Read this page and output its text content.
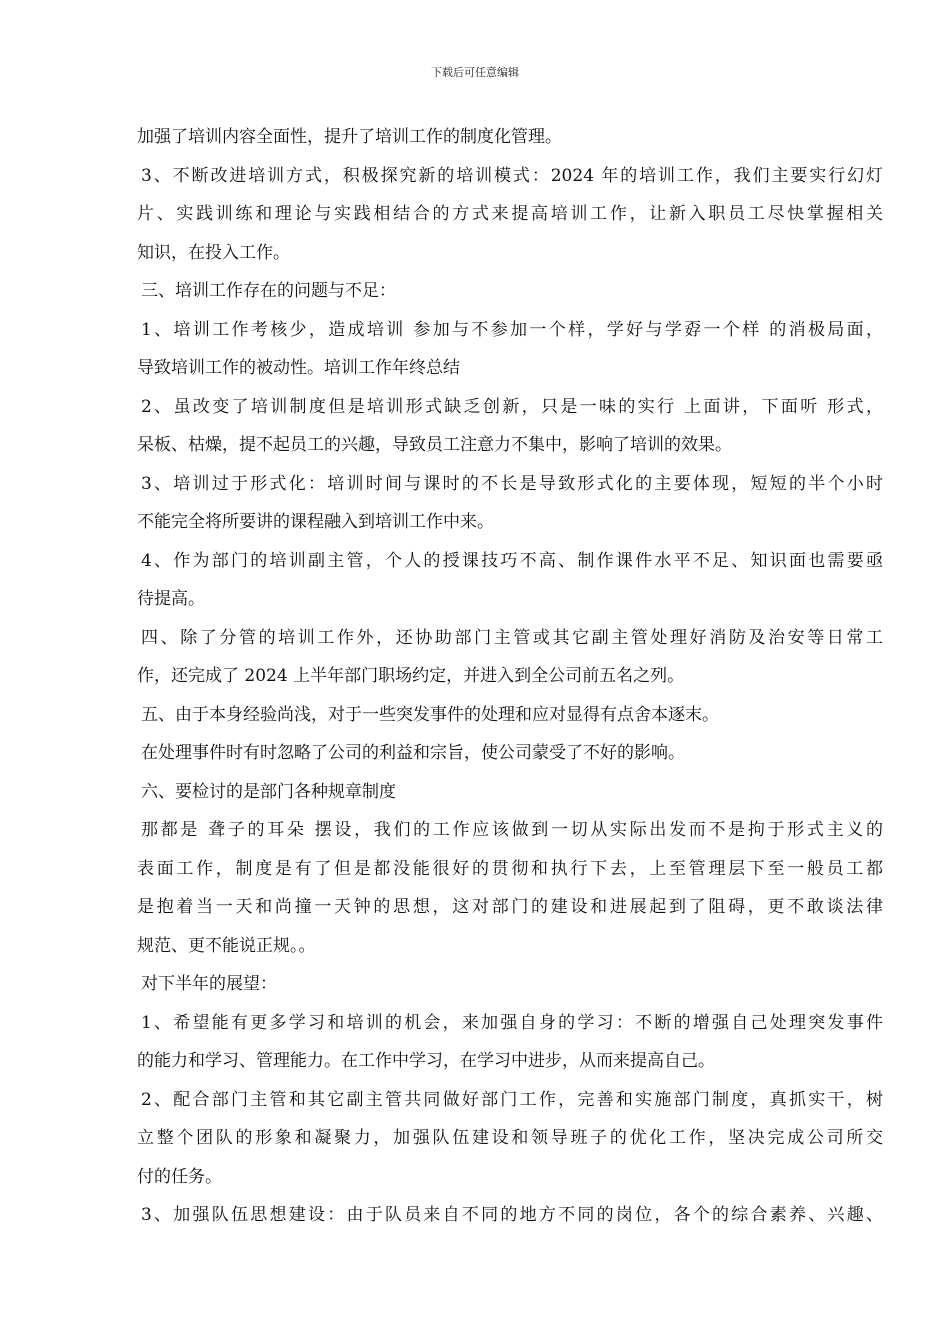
下载后可任意编辑
加强了培训内容全面性，提升了培训工作的制度化管理。
3、不断改进培训方式，积极探究新的培训模式：2024 年的培训工作，我们主要实行幻灯
片、实践训练和理论与实践相结合的方式来提高培训工作，让新入职员工尽快掌握相关
知识，在投入工作。
三、培训工作存在的问题与不足：
1、培训工作考核少，造成培训 参加与不参加一个样，学好与学孬一个样 的消极局面，
导致培训工作的被动性。培训工作年终总结
2、虽改变了培训制度但是培训形式缺乏创新，只是一味的实行 上面讲，下面听 形式，
呆板、枯燥，提不起员工的兴趣，导致员工注意力不集中，影响了培训的效果。
3、培训过于形式化：培训时间与课时的不长是导致形式化的主要体现，短短的半个小时
不能完全将所要讲的课程融入到培训工作中来。
4、作为部门的培训副主管，个人的授课技巧不高、制作课件水平不足、知识面也需要亟
待提高。
四、除了分管的培训工作外，还协助部门主管或其它副主管处理好消防及治安等日常工
作，还完成了 2024 上半年部门职场约定，并进入到全公司前五名之列。
五、由于本身经验尚浅，对于一些突发事件的处理和应对显得有点舍本逐末。
在处理事件时有时忽略了公司的利益和宗旨，使公司蒙受了不好的影响。
六、要检讨的是部门各种规章制度
那都是 聋子的耳朵 摆设，我们的工作应该做到一切从实际出发而不是拘于形式主义的
表面工作，制度是有了但是都没能很好的贯彻和执行下去，上至管理层下至一般员工都
是抱着当一天和尚撞一天钟的思想，这对部门的建设和进展起到了阻碍，更不敢谈法律
规范、更不能说正规。。
对下半年的展望：
1、希望能有更多学习和培训的机会，来加强自身的学习：不断的增强自己处理突发事件
的能力和学习、管理能力。在工作中学习，在学习中进步，从而来提高自己。
2、配合部门主管和其它副主管共同做好部门工作，完善和实施部门制度，真抓实干，树
立整个团队的形象和凝聚力，加强队伍建设和领导班子的优化工作，坚决完成公司所交
付的任务。
3、加强队伍思想建设：由于队员来自不同的地方不同的岗位，各个的综合素养、兴趣、
